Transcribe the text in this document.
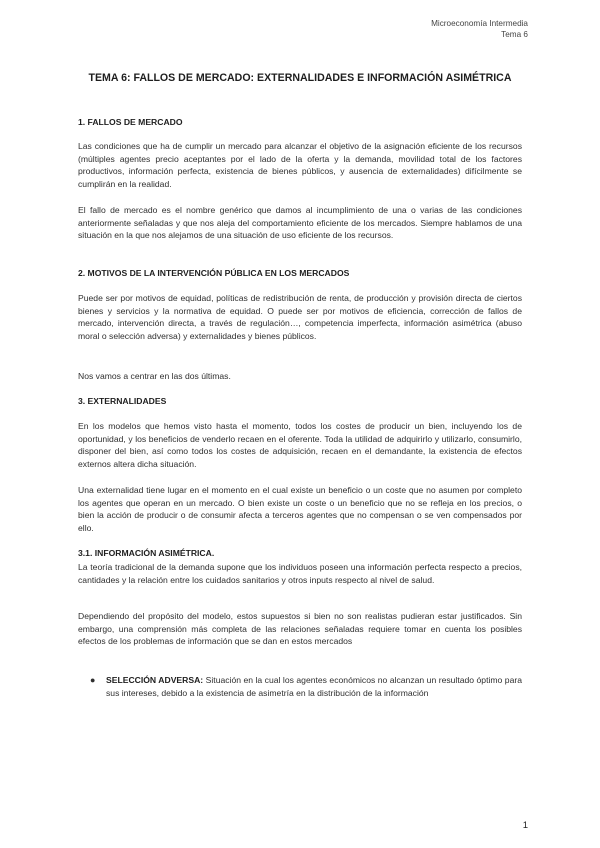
Microeconomía Intermedia
Tema 6
TEMA 6: FALLOS DE MERCADO: EXTERNALIDADES E INFORMACIÓN ASIMÉTRICA
1. FALLOS DE MERCADO
Las condiciones que ha de cumplir un mercado para alcanzar el objetivo de la asignación eficiente de los recursos (múltiples agentes precio aceptantes por el lado de la oferta y la demanda, movilidad total de los factores productivos, información perfecta, existencia de bienes públicos, y ausencia de externalidades) difícilmente se cumplirán en la realidad.
El fallo de mercado es el nombre genérico que damos al incumplimiento de una o varias de las condiciones anteriormente señaladas y que nos aleja del comportamiento eficiente de los mercados. Siempre hablamos de una situación en la que nos alejamos de una situación de uso eficiente de los recursos.
2. MOTIVOS DE LA INTERVENCIÓN PÚBLICA EN LOS MERCADOS
Puede ser por motivos de equidad, políticas de redistribución de renta, de producción y provisión directa de ciertos bienes y servicios y la normativa de equidad. O puede ser por motivos de eficiencia, corrección de fallos de mercado, intervención directa, a través de regulación…, competencia imperfecta, información asimétrica (abuso moral o selección adversa) y externalidades y bienes públicos.
Nos vamos a centrar en las dos últimas.
3. EXTERNALIDADES
En los modelos que hemos visto hasta el momento, todos los costes de producir un bien, incluyendo los de oportunidad, y los beneficios de venderlo recaen en el oferente. Toda la utilidad de adquirirlo y utilizarlo, consumirlo, disponer del bien, así como todos los costes de adquisición, recaen en el demandante, la existencia de efectos externos altera dicha situación.
Una externalidad tiene lugar en el momento en el cual existe un beneficio o un coste que no asumen por completo los agentes que operan en un mercado. O bien existe un coste o un beneficio que no se refleja en los precios, o bien la acción de producir o de consumir afecta a terceros agentes que no compensan o se ven compensados por ello.
3.1. INFORMACIÓN ASIMÉTRICA.
La teoría tradicional de la demanda supone que los individuos poseen una información perfecta respecto a precios, cantidades y la relación entre los cuidados sanitarios y otros inputs respecto al nivel de salud.
Dependiendo del propósito del modelo, estos supuestos si bien no son realistas pudieran estar justificados. Sin embargo, una comprensión más completa de las relaciones señaladas requiere tomar en cuenta los posibles efectos de los problemas de información que se dan en estos mercados
● SELECCIÓN ADVERSA: Situación en la cual los agentes económicos no alcanzan un resultado óptimo para sus intereses, debido a la existencia de asimetría en la distribución de la información
1
